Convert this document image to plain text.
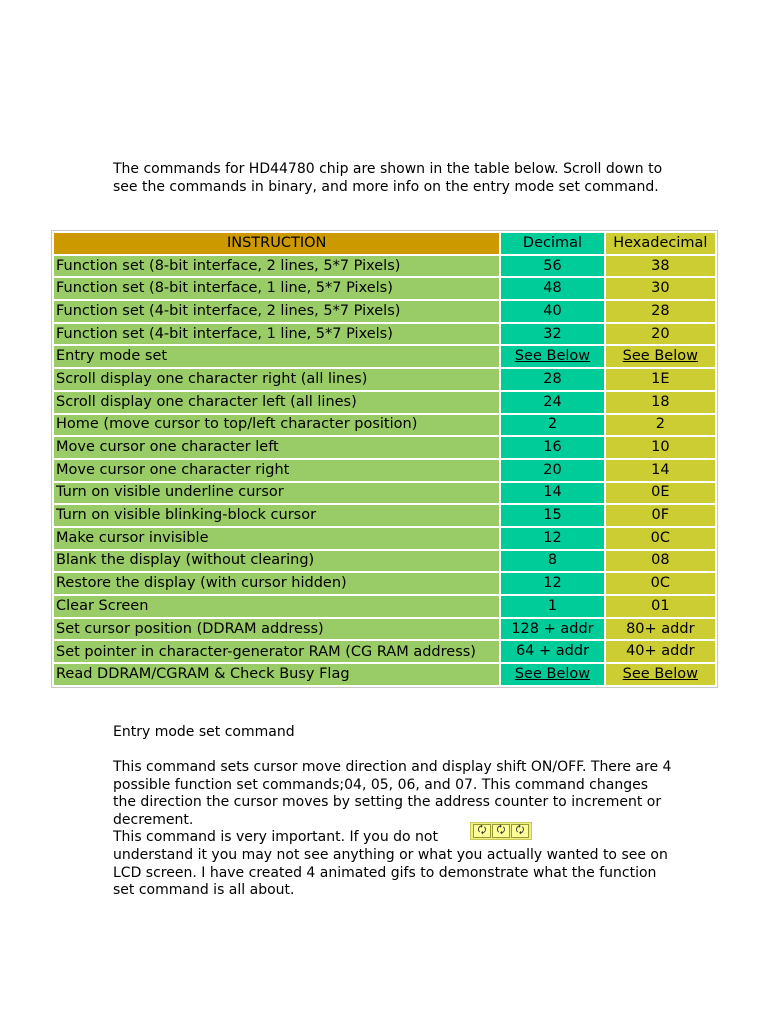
The commands for HD44780 chip are shown in the table below. Scroll down to see the commands in binary, and more info on the entry mode set command.

INSTRUCTION	Decimal	Hexadecimal
Function set (8-bit interface, 2 lines, 5*7 Pixels)	56	38
Function set (8-bit interface, 1 line, 5*7 Pixels)	48	30
Function set (4-bit interface, 2 lines, 5*7 Pixels)	40	28
Function set (4-bit interface, 1 line, 5*7 Pixels)	32	20
Entry mode set	See Below	See Below
Scroll display one character right (all lines)	28	1E
Scroll display one character left (all lines)	24	18
Home (move cursor to top/left character position)	2	2
Move cursor one character left	16	10
Move cursor one character right	20	14
Turn on visible underline cursor	14	0E
Turn on visible blinking-block cursor	15	0F
Make cursor invisible	12	0C
Blank the display (without clearing)	8	08
Restore the display (with cursor hidden)	12	0C
Clear Screen	1	01
Set cursor position (DDRAM address)	128 + addr	80+ addr
Set pointer in character-generator RAM (CG RAM address)	64 + addr	40+ addr
Read DDRAM/CGRAM & Check Busy Flag	See Below	See Below
Entry mode set command

This command sets cursor move direction and display shift ON/OFF. There are 4 possible function set commands;04, 05, 06, and 07. This command changes the direction the cursor moves by setting the address counter to increment or decrement.

This command is very important. If you do not	🗘	🗘	🗘

understand it you may not see anything or what you actually wanted to see on LCD screen. I have created 4 animated gifs to demonstrate what the function set command is all about.
